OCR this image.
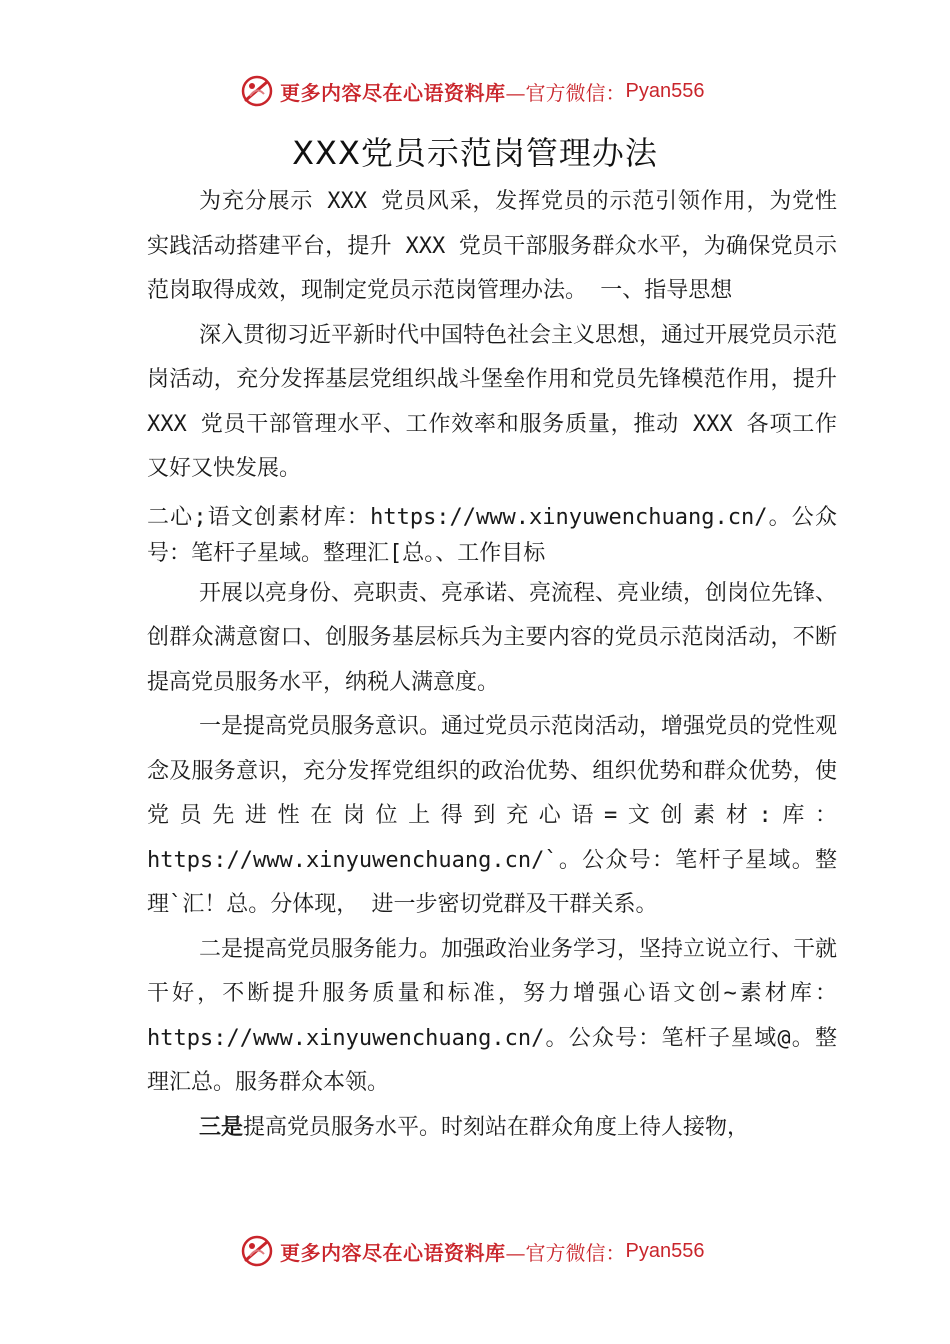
更多内容尽在心语资料库 —官方微信： Pyan556
XXX党员示范岗管理办法

为充分展示 XXX 党员风采，发挥党员的示范引领作用，为党性实践活动搭建平台，提升 XXX 党员干部服务群众水平，为确保党员示范岗取得成效，现制定党员示范岗管理办法。 一、指导思想

深入贯彻习近平新时代中国特色社会主义思想，通过开展党员示范岗活动，充分发挥基层党组织战斗堡垒作用和党员先锋模范作用，提升 XXX 党员干部管理水平、工作效率和服务质量，推动 XXX 各项工作又好又快发展。

二心;语文创素材库：https://www.xinyuwenchuang.cn/。公众号：笔杆子星域。整理汇[总。、工作目标

开展以亮身份、亮职责、亮承诺、亮流程、亮业绩，创岗位先锋、创群众满意窗口、创服务基层标兵为主要内容的党员示范岗活动，不断提高党员服务水平，纳税人满意度。

一是提高党员服务意识。通过党员示范岗活动，增强党员的党性观念及服务意识，充分发挥党组织的政治优势、组织优势和群众优势，使党员先进性在岗位上得到充心语=文创素材:库：https://www.xinyuwenchuang.cn/`。公众号：笔杆子星域。整理`汇！总。分体现， 进一步密切党群及干群关系。

二是提高党员服务能力。加强政治业务学习，坚持立说立行、干就干好，不断提升服务质量和标准，努力增强心语文创~素材库：https://www.xinyuwenchuang.cn/。公众号：笔杆子星域@。整理汇总。服务群众本领。

三是提高党员服务水平。时刻站在群众角度上待人接物，

更多内容尽在心语资料库 —官方微信： Pyan556
